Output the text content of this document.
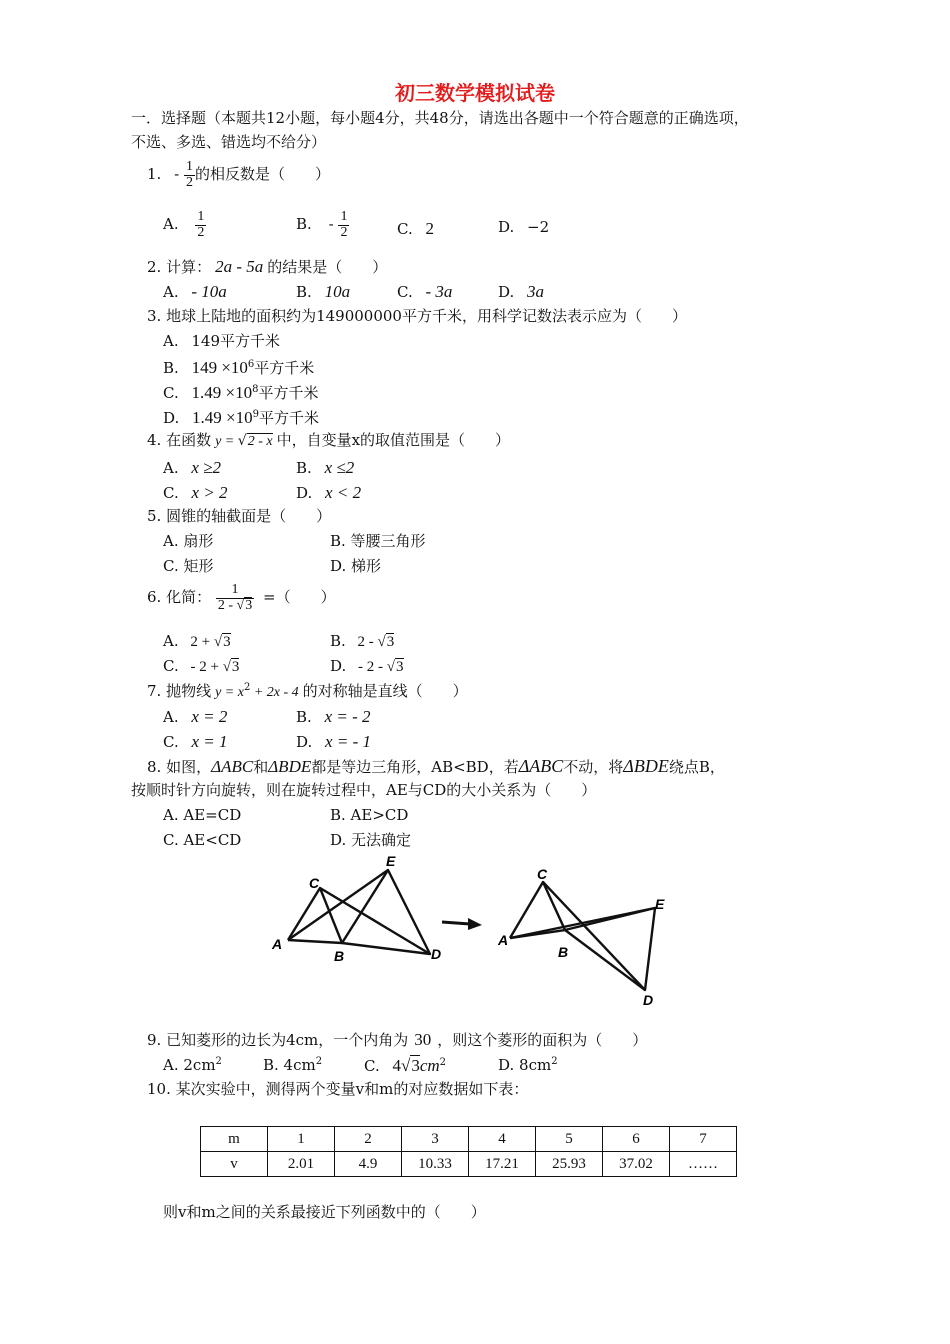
初三数学模拟试卷
一．选择题（本题共12小题，每小题4分，共48分，请选出各题中一个符合题意的正确选项，
不选、多选、错选均不给分）
1. - $\frac{1}{2}$ 的相反数是（　　）
A. $\frac{1}{2}$	B. - $\frac{1}{2}$	C. 2	D. −2
2. 计算： 2a - 5a 的结果是（　　）
A. - 10a	B. 10a	C. - 3a	D. 3a
3. 地球上陆地的面积约为149000000平方千米，用科学记数法表示应为（　　）
A. 149平方千米
B. $149 \times 10^6$平方千米
C. $1.49 \times 10^8$平方千米
D. $1.49 \times 10^9$平方千米
4. 在函数 y = √2 - x 中，自变量x的取值范围是（　　）
A. x ≥2	B. x ≤2
C. x > 2	D. x < 2
5. 圆锥的轴截面是（　　）
A. 扇形	B. 等腰三角形
C. 矩形	D. 梯形
6. 化简： $\frac{1}{2 - √3}$ =（　　）
A. 2 + √3	B. 2 - √3
C. - 2 + √3	D. - 2 - √3
7. 抛物线 $y = x^2 + 2x - 4$ 的对称轴是直线（　　）
A. x = 2	B. x = - 2
C. x = 1	D. x = - 1
8. 如图，ΔABC和ΔBDE都是等边三角形，AB<BD，若ΔABC不动，将ΔBDE绕点B，
按顺时针方向旋转，则在旋转过程中，AE与CD的大小关系为（　　）
A. AE=CD	B. AE>CD
C. AE<CD	D. 无法确定
A
B
C
D
E
A
B
C
D
E
9. 已知菱形的边长为4cm，一个内角为 30 ，则这个菱形的面积为（　　）
A. $2cm^2$	B. $4cm^2$	C. $4√3cm^2$	D. $8cm^2$
10. 某次实验中，测得两个变量v和m的对应数据如下表：
m	1	2	3	4	5	6	7
v	2.01	4.9	10.33	17.21	25.93	37.02	……
则v和m之间的关系最接近下列函数中的（　　）
